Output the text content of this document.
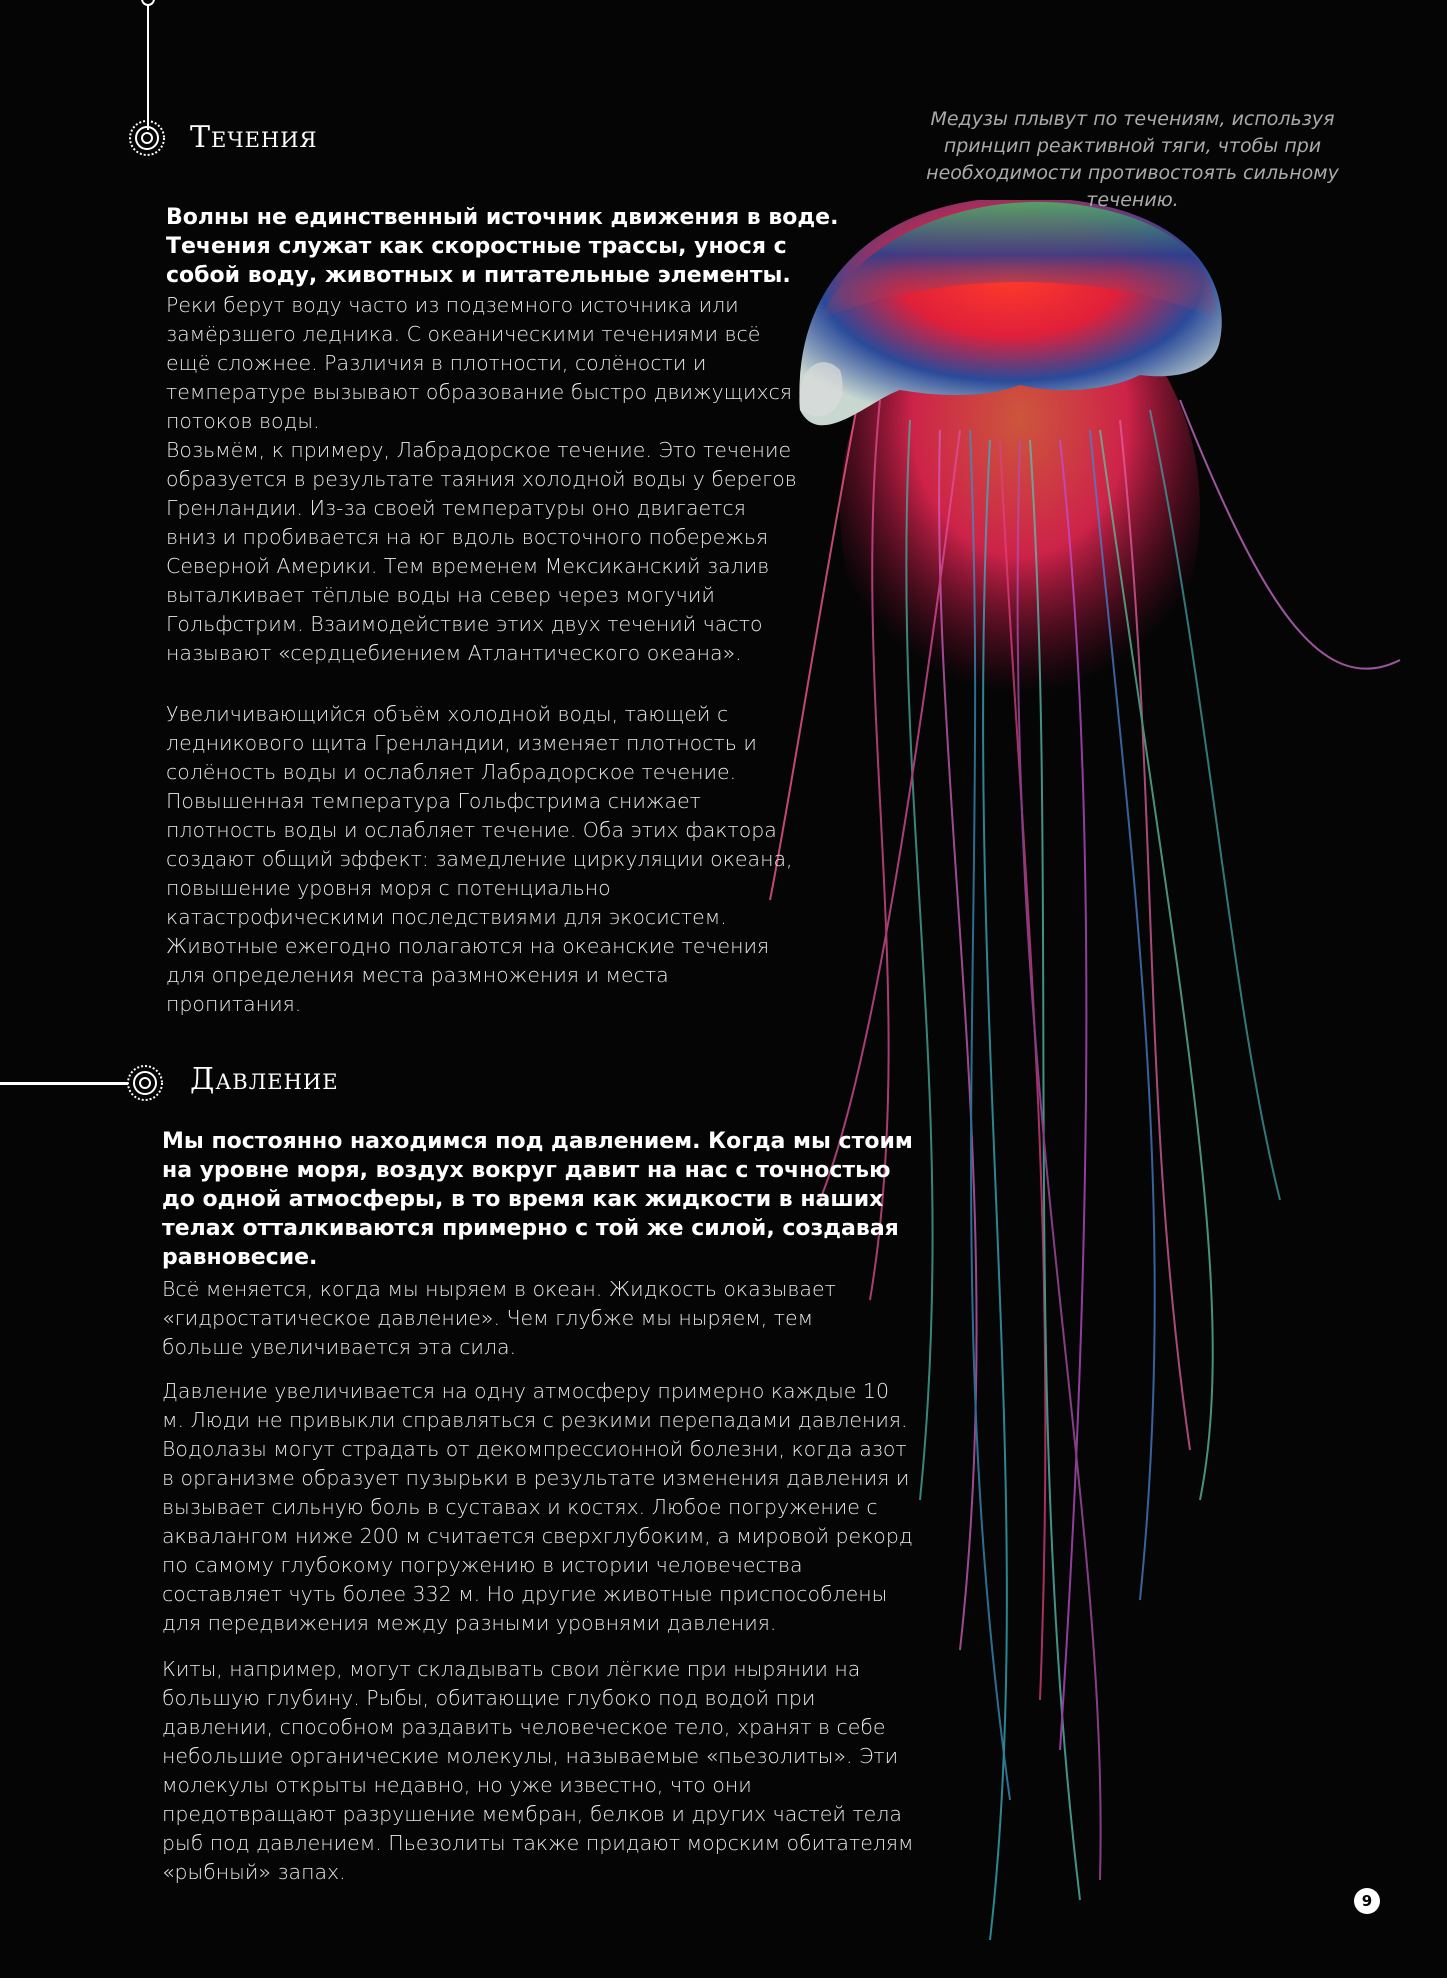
Течения
Давление
Медузы плывут по течениям, используя принцип реактивной тяги, чтобы при необходимости противостоять сильному течению.
Волны не единственный источник движения в воде. Течения служат как скоростные трассы, унося с собой воду, животных и питательные элементы.
Реки берут воду часто из подземного источника или замёрзшего ледника. С океаническими течениями всё ещё сложнее. Различия в плотности, солёности и температуре вызывают образование быстро движущихся потоков воды.
Возьмём, к примеру, Лабрадорское течение. Это течение образуется в результате таяния холодной воды у берегов Гренландии. Из-за своей температуры оно двигается вниз и пробивается на юг вдоль восточного побережья Северной Америки. Тем временем Мексиканский залив выталкивает тёплые воды на север через могучий Гольфстрим. Взаимодействие этих двух течений часто называют «сердцебиением Атлантического океана».
Увеличивающийся объём холодной воды, тающей с ледникового щита Гренландии, изменяет плотность и солёность воды и ослабляет Лабрадорское течение. Повышенная температура Гольфстрима снижает плотность воды и ослабляет течение. Оба этих фактора создают общий эффект: замедление циркуляции океана, повышение уровня моря с потенциально катастрофическими последствиями для экосистем. Животные ежегодно полагаются на океанские течения для определения места размножения и места пропитания.
Мы постоянно находимся под давлением. Когда мы стоим на уровне моря, воздух вокруг давит на нас с точностью до одной атмосферы, в то время как жидкости в наших телах отталкиваются примерно с той же силой, создавая равновесие.
Всё меняется, когда мы ныряем в океан. Жидкость оказывает «гидростатическое давление». Чем глубже мы ныряем, тем больше увеличивается эта сила.
Давление увеличивается на одну атмосферу примерно каждые 10 м. Люди не привыкли справляться с резкими перепадами давления. Водолазы могут страдать от декомпрессионной болезни, когда азот в организме образует пузырьки в результате изменения давления и вызывает сильную боль в суставах и костях. Любое погружение с аквалангом ниже 200 м считается сверхглубоким, а мировой рекорд по самому глубокому погружению в истории человечества составляет чуть более 332 м. Но другие животные приспособлены для передвижения между разными уровнями давления.
Киты, например, могут складывать свои лёгкие при нырянии на большую глубину. Рыбы, обитающие глубоко под водой при давлении, способном раздавить человеческое тело, хранят в себе небольшие органические молекулы, называемые «пьезолиты». Эти молекулы открыты недавно, но уже известно, что они предотвращают разрушение мембран, белков и других частей тела рыб под давлением. Пьезолиты также придают морским обитателям «рыбный» запах.
9
